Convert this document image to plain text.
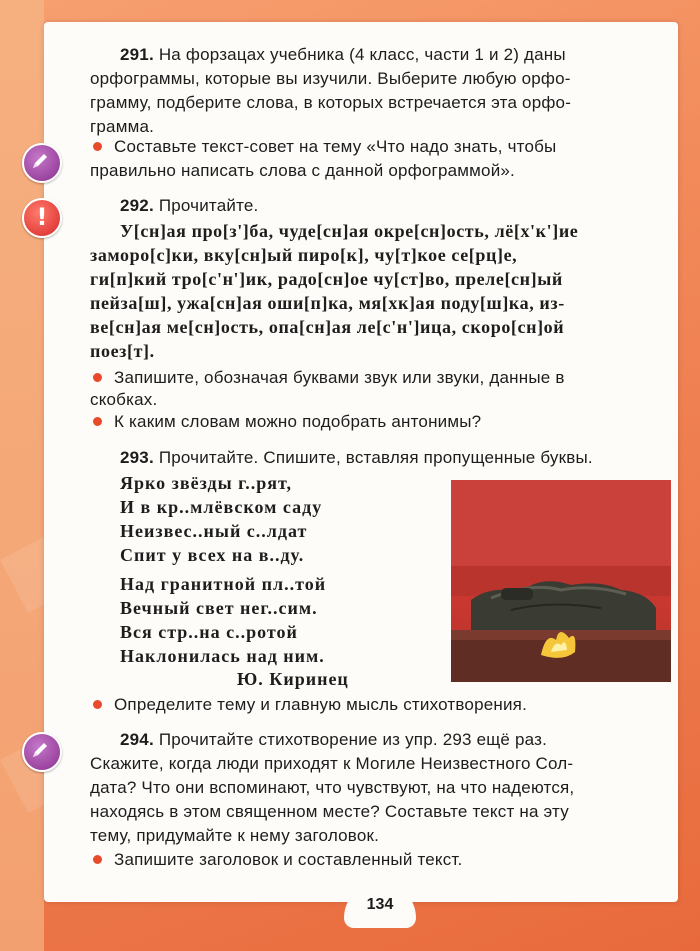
!
291. На форзацах учебника (4 класс, части 1 и 2) даны
орфограммы, которые вы изучили. Выберите любую орфо-
грамму, подберите слова, в которых встречается эта орфо-
грамма.
Составьте текст-совет на тему «Что надо знать, чтобы
правильно написать слова с данной орфограммой».
292. Прочитайте.
У[сн]ая про[з']ба, чуде[сн]ая окре[сн]ость, лё[х'к']ие
заморо[с]ки, вку[сн]ый пиро[к], чу[т]кое се[рц]е,
ги[п]кий тро[с'н']ик, радо[сн]ое чу[ст]во, преле[сн]ый
пейза[ш], ужа[сн]ая оши[п]ка, мя[хк]ая поду[ш]ка, из-
ве[сн]ая ме[сн]ость, опа[сн]ая ле[с'н']ица, скоро[сн]ой
поез[т].
Запишите, обозначая буквами звук или звуки, данные в
скобках.
К каким словам можно подобрать антонимы?
293. Прочитайте. Спишите, вставляя пропущенные буквы.
Ярко звёзды г..рят,
И в кр..млёвском саду
Неизвес..ный с..лдат
Спит у всех на в..ду.
Над гранитной пл..той
Вечный свет нег..сим.
Вся стр..на с..ротой
Наклонилась над ним.
Ю. Киринец
Определите тему и главную мысль стихотворения.
294. Прочитайте стихотворение из упр. 293 ещё раз.
Скажите, когда люди приходят к Могиле Неизвестного Сол-
дата? Что они вспоминают, что чувствуют, на что надеются,
находясь в этом священном месте? Составьте текст на эту
тему, придумайте к нему заголовок.
Запишите заголовок и составленный текст.
134
